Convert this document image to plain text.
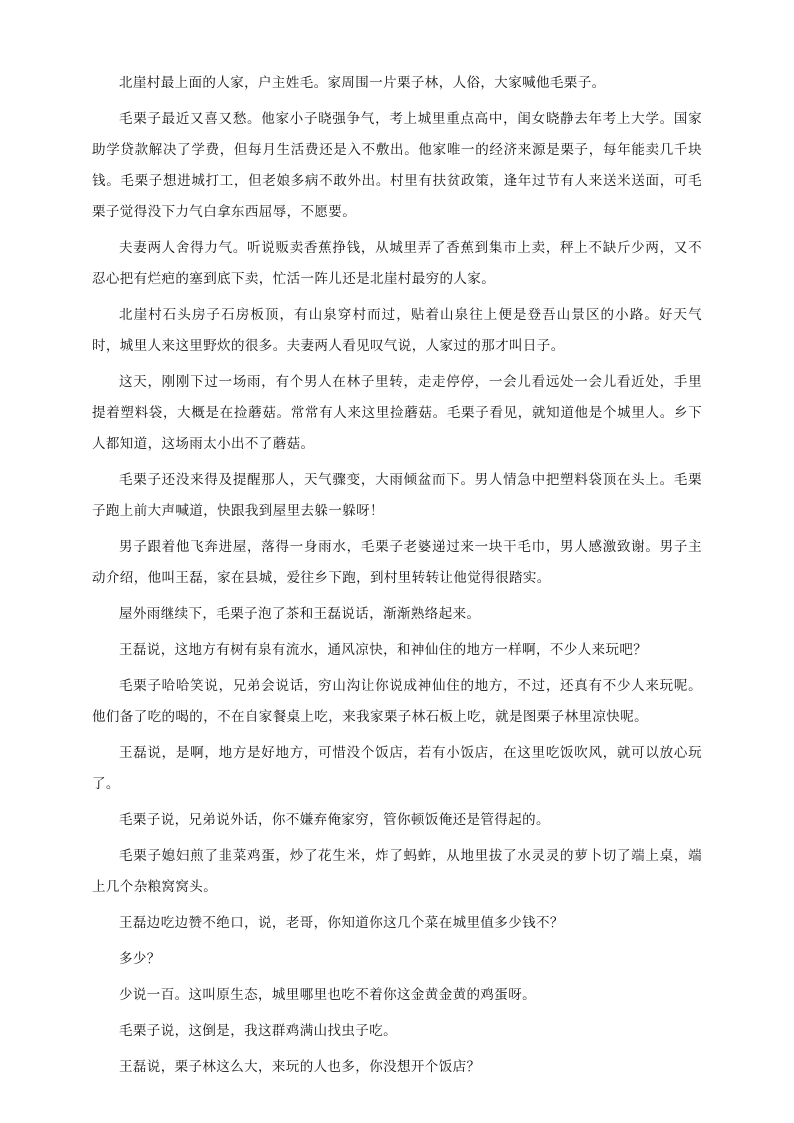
北崖村最上面的人家，户主姓毛。家周围一片栗子林，人俗，大家喊他毛栗子。

毛栗子最近又喜又愁。他家小子晓强争气，考上城里重点高中，闺女晓静去年考上大学。国家助学贷款解决了学费，但每月生活费还是入不敷出。他家唯一的经济来源是栗子，每年能卖几千块钱。毛栗子想进城打工，但老娘多病不敢外出。村里有扶贫政策，逢年过节有人来送米送面，可毛栗子觉得没下力气白拿东西屈辱，不愿要。

夫妻两人舍得力气。听说贩卖香蕉挣钱，从城里弄了香蕉到集市上卖，秤上不缺斤少两，又不忍心把有烂疤的塞到底下卖，忙活一阵儿还是北崖村最穷的人家。

北崖村石头房子石房板顶，有山泉穿村而过，贴着山泉往上便是登吾山景区的小路。好天气时，城里人来这里野炊的很多。夫妻两人看见叹气说，人家过的那才叫日子。

这天，刚刚下过一场雨，有个男人在林子里转，走走停停，一会儿看远处一会儿看近处，手里提着塑料袋，大概是在捡蘑菇。常常有人来这里捡蘑菇。毛栗子看见，就知道他是个城里人。乡下人都知道，这场雨太小出不了蘑菇。

毛栗子还没来得及提醒那人，天气骤变，大雨倾盆而下。男人情急中把塑料袋顶在头上。毛栗子跑上前大声喊道，快跟我到屋里去躲一躲呀！

男子跟着他飞奔进屋，落得一身雨水，毛栗子老婆递过来一块干毛巾，男人感激致谢。男子主动介绍，他叫王磊，家在县城，爱往乡下跑，到村里转转让他觉得很踏实。

屋外雨继续下，毛栗子泡了茶和王磊说话，渐渐熟络起来。

王磊说，这地方有树有泉有流水，通风凉快，和神仙住的地方一样啊，不少人来玩吧？

毛栗子哈哈笑说，兄弟会说话，穷山沟让你说成神仙住的地方，不过，还真有不少人来玩呢。他们备了吃的喝的，不在自家餐桌上吃，来我家栗子林石板上吃，就是图栗子林里凉快呢。

王磊说，是啊，地方是好地方，可惜没个饭店，若有小饭店，在这里吃饭吹风，就可以放心玩了。

毛栗子说，兄弟说外话，你不嫌弃俺家穷，管你顿饭俺还是管得起的。

毛栗子媳妇煎了韭菜鸡蛋，炒了花生米，炸了蚂蚱，从地里拔了水灵灵的萝卜切了端上桌，端上几个杂粮窝窝头。

王磊边吃边赞不绝口，说，老哥，你知道你这几个菜在城里值多少钱不？

多少？

少说一百。这叫原生态，城里哪里也吃不着你这金黄金黄的鸡蛋呀。

毛栗子说，这倒是，我这群鸡满山找虫子吃。

王磊说，栗子林这么大，来玩的人也多，你没想开个饭店？
